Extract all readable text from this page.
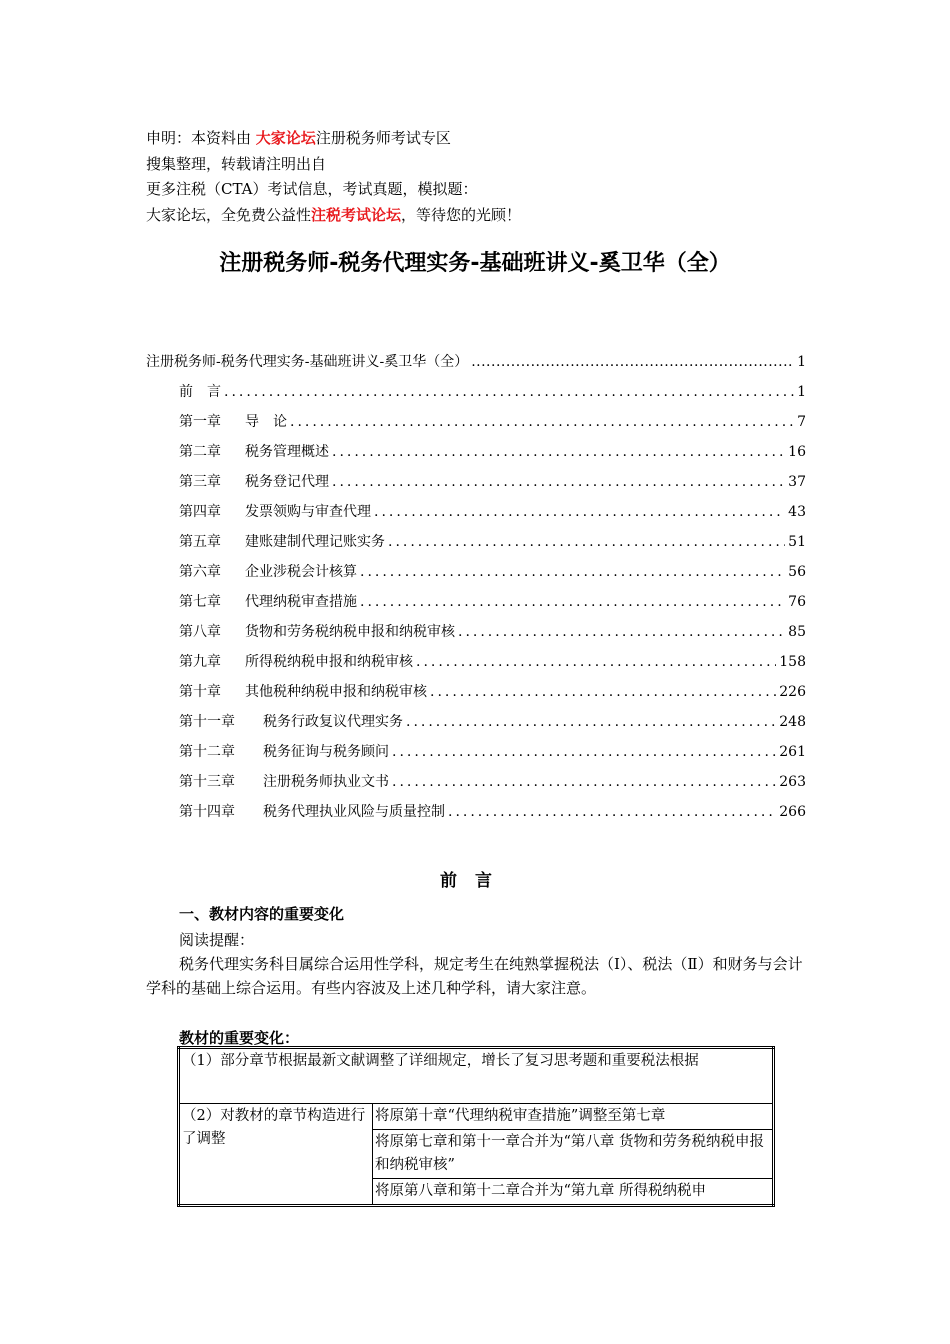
申明：本资料由 大家论坛注册税务师考试专区
搜集整理，转载请注明出自
更多注税（CTA）考试信息，考试真题，模拟题：
大家论坛，全免费公益性注税考试论坛，等待您的光顾！
注册税务师-税务代理实务-基础班讲义-奚卫华（全）
注册税务师-税务代理实务-基础班讲义-奚卫华（全） .....	1
前　言 .....	1
第一章 导　论 .....	7
第二章 税务管理概述 .....	16
第三章 税务登记代理 .....	37
第四章 发票领购与审查代理 .....	43
第五章 建账建制代理记账实务 .....	51
第六章 企业涉税会计核算 .....	56
第七章 代理纳税审查措施 .....	76
第八章 货物和劳务税纳税申报和纳税审核 .....	85
第九章 所得税纳税申报和纳税审核 .....	158
第十章 其他税种纳税申报和纳税审核 .....	226
第十一章 税务行政复议代理实务 .....	248
第十二章 税务征询与税务顾问 .....	261
第十三章 注册税务师执业文书 .....	263
第十四章 税务代理执业风险与质量控制 .....	266
前言
一、教材内容的重要变化
阅读提醒：
税务代理实务科目属综合运用性学科，规定考生在纯熟掌握税法（Ⅰ）、税法（Ⅱ）和财务与会计学科的基础上综合运用。有些内容波及上述几种学科，请大家注意。
教材的重要变化：
（1）部分章节根据最新文献调整了详细规定，增长了复习思考题和重要税法根据
（2）对教材的章节构造进行了调整	将原第十章“代理纳税审查措施”调整至第七章
将原第七章和第十一章合并为“第八章 货物和劳务税纳税申报和纳税审核”
将原第八章和第十二章合并为“第九章 所得税纳税申
